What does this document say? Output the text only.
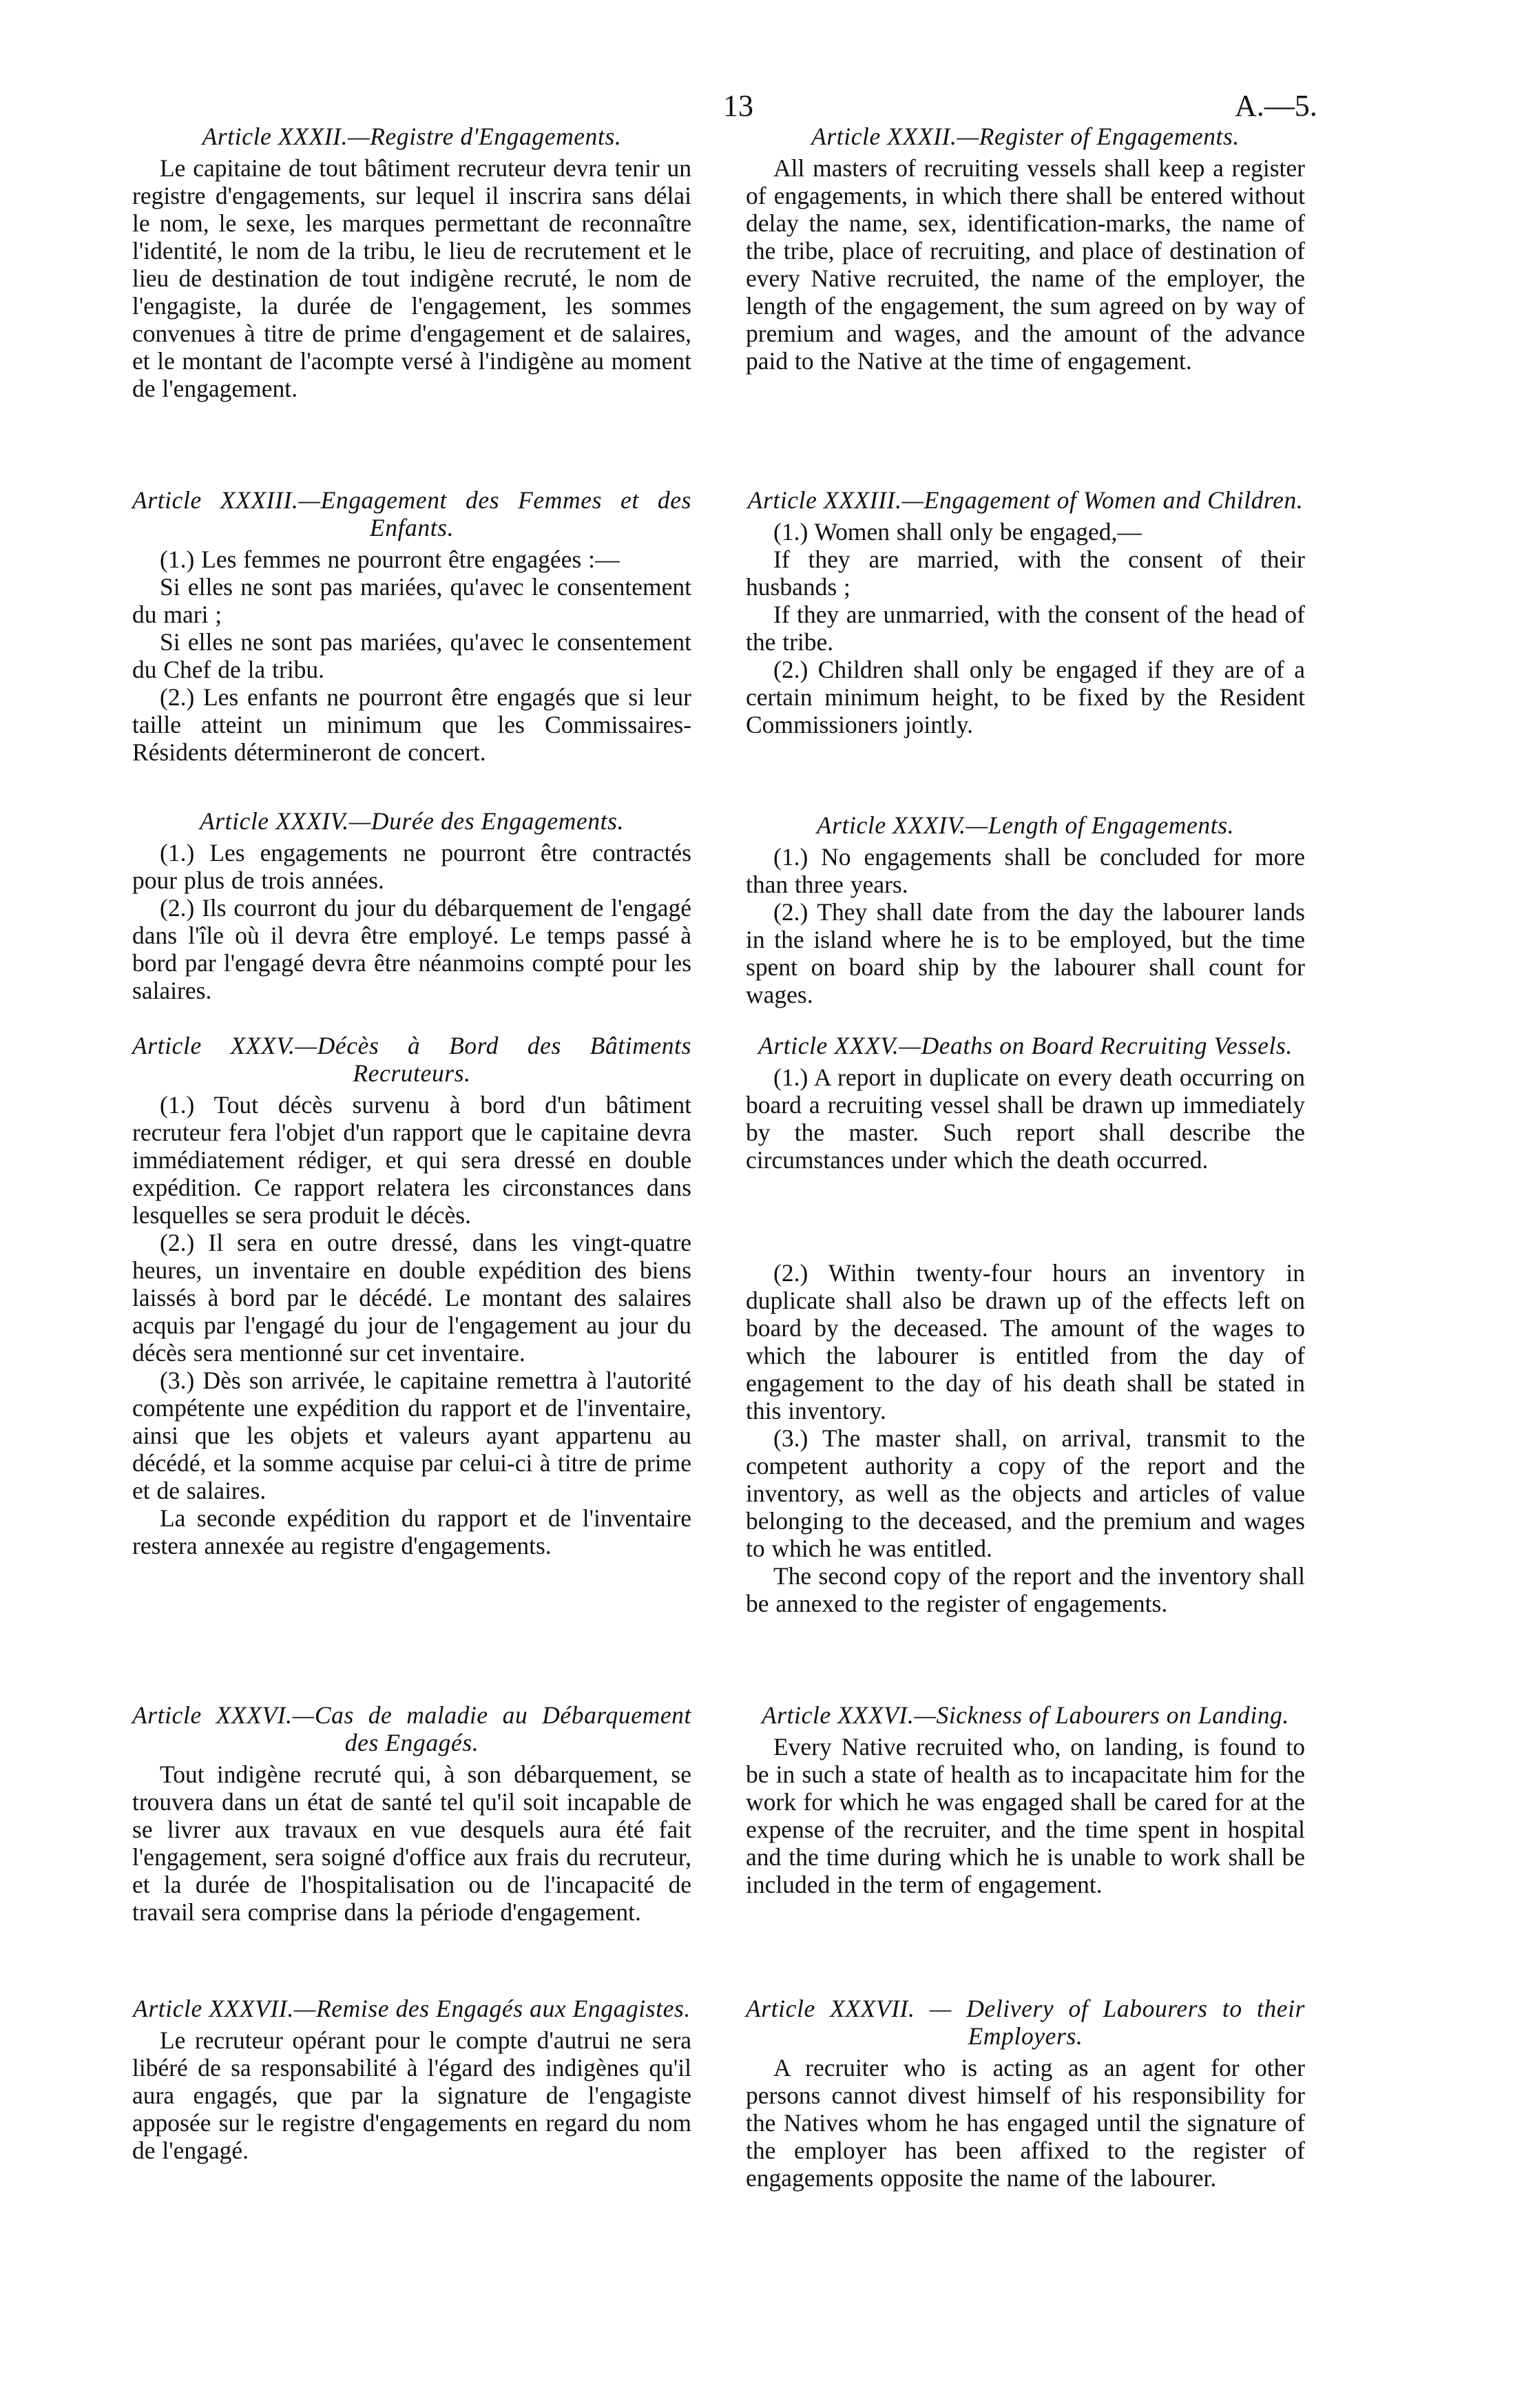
13	A.—5.

Article XXXII.—Registre d'Engagements.

Le capitaine de tout bâtiment recruteur devra tenir un registre d'engagements, sur lequel il inscrira sans délai le nom, le sexe, les marques permettant de reconnaître l'identité, le nom de la tribu, le lieu de recrutement et le lieu de destination de tout indigène recruté, le nom de l'engagiste, la durée de l'engagement, les sommes convenues à titre de prime d'engagement et de salaires, et le montant de l'acompte versé à l'indigène au moment de l'engagement.

Article XXXIII.—Engagement des Femmes et des Enfants.

(1.) Les femmes ne pourront être engagées :—

Si elles ne sont pas mariées, qu'avec le consentement du mari ;

Si elles ne sont pas mariées, qu'avec le consentement du Chef de la tribu.

(2.) Les enfants ne pourront être engagés que si leur taille atteint un minimum que les Commissaires-Résidents détermineront de concert.

Article XXXIV.—Durée des Engagements.

(1.) Les engagements ne pourront être contractés pour plus de trois années.

(2.) Ils courront du jour du débarquement de l'engagé dans l'île où il devra être employé. Le temps passé à bord par l'engagé devra être néanmoins compté pour les salaires.

Article XXXV.—Décès à Bord des Bâtiments Recruteurs.

(1.) Tout décès survenu à bord d'un bâtiment recruteur fera l'objet d'un rapport que le capitaine devra immédiatement rédiger, et qui sera dressé en double expédition. Ce rapport relatera les circonstances dans lesquelles se sera produit le décès.

(2.) Il sera en outre dressé, dans les vingt-quatre heures, un inventaire en double expédition des biens laissés à bord par le décédé. Le montant des salaires acquis par l'engagé du jour de l'engagement au jour du décès sera mentionné sur cet inventaire.

(3.) Dès son arrivée, le capitaine remettra à l'autorité compétente une expédition du rapport et de l'inventaire, ainsi que les objets et valeurs ayant appartenu au décédé, et la somme acquise par celui-ci à titre de prime et de salaires.

La seconde expédition du rapport et de l'inventaire restera annexée au registre d'engagements.

Article XXXVI.—Cas de maladie au Débarquement des Engagés.

Tout indigène recruté qui, à son débarquement, se trouvera dans un état de santé tel qu'il soit incapable de se livrer aux travaux en vue desquels aura été fait l'engagement, sera soigné d'office aux frais du recruteur, et la durée de l'hospitalisation ou de l'incapacité de travail sera comprise dans la période d'engagement.

Article XXXVII.—Remise des Engagés aux Engagistes.

Le recruteur opérant pour le compte d'autrui ne sera libéré de sa responsabilité à l'égard des indigènes qu'il aura engagés, que par la signature de l'engagiste apposée sur le registre d'engagements en regard du nom de l'engagé.

Article XXXII.—Register of Engagements.

All masters of recruiting vessels shall keep a register of engagements, in which there shall be entered without delay the name, sex, identification-marks, the name of the tribe, place of recruiting, and place of destination of every Native recruited, the name of the employer, the length of the engagement, the sum agreed on by way of premium and wages, and the amount of the advance paid to the Native at the time of engagement.

Article XXXIII.—Engagement of Women and Children.

(1.) Women shall only be engaged,—

If they are married, with the consent of their husbands ;

If they are unmarried, with the consent of the head of the tribe.

(2.) Children shall only be engaged if they are of a certain minimum height, to be fixed by the Resident Commissioners jointly.

Article XXXIV.—Length of Engagements.

(1.) No engagements shall be concluded for more than three years.

(2.) They shall date from the day the labourer lands in the island where he is to be employed, but the time spent on board ship by the labourer shall count for wages.

Article XXXV.—Deaths on Board Recruiting Vessels.

(1.) A report in duplicate on every death occurring on board a recruiting vessel shall be drawn up immediately by the master. Such report shall describe the circumstances under which the death occurred.

(2.) Within twenty-four hours an inventory in duplicate shall also be drawn up of the effects left on board by the deceased. The amount of the wages to which the labourer is entitled from the day of engagement to the day of his death shall be stated in this inventory.

(3.) The master shall, on arrival, transmit to the competent authority a copy of the report and the inventory, as well as the objects and articles of value belonging to the deceased, and the premium and wages to which he was entitled.

The second copy of the report and the inventory shall be annexed to the register of engagements.

Article XXXVI.—Sickness of Labourers on Landing.

Every Native recruited who, on landing, is found to be in such a state of health as to incapacitate him for the work for which he was engaged shall be cared for at the expense of the recruiter, and the time spent in hospital and the time during which he is unable to work shall be included in the term of engagement.

Article XXXVII. — Delivery of Labourers to their Employers.

A recruiter who is acting as an agent for other persons cannot divest himself of his responsibility for the Natives whom he has engaged until the signature of the employer has been affixed to the register of engagements opposite the name of the labourer.
